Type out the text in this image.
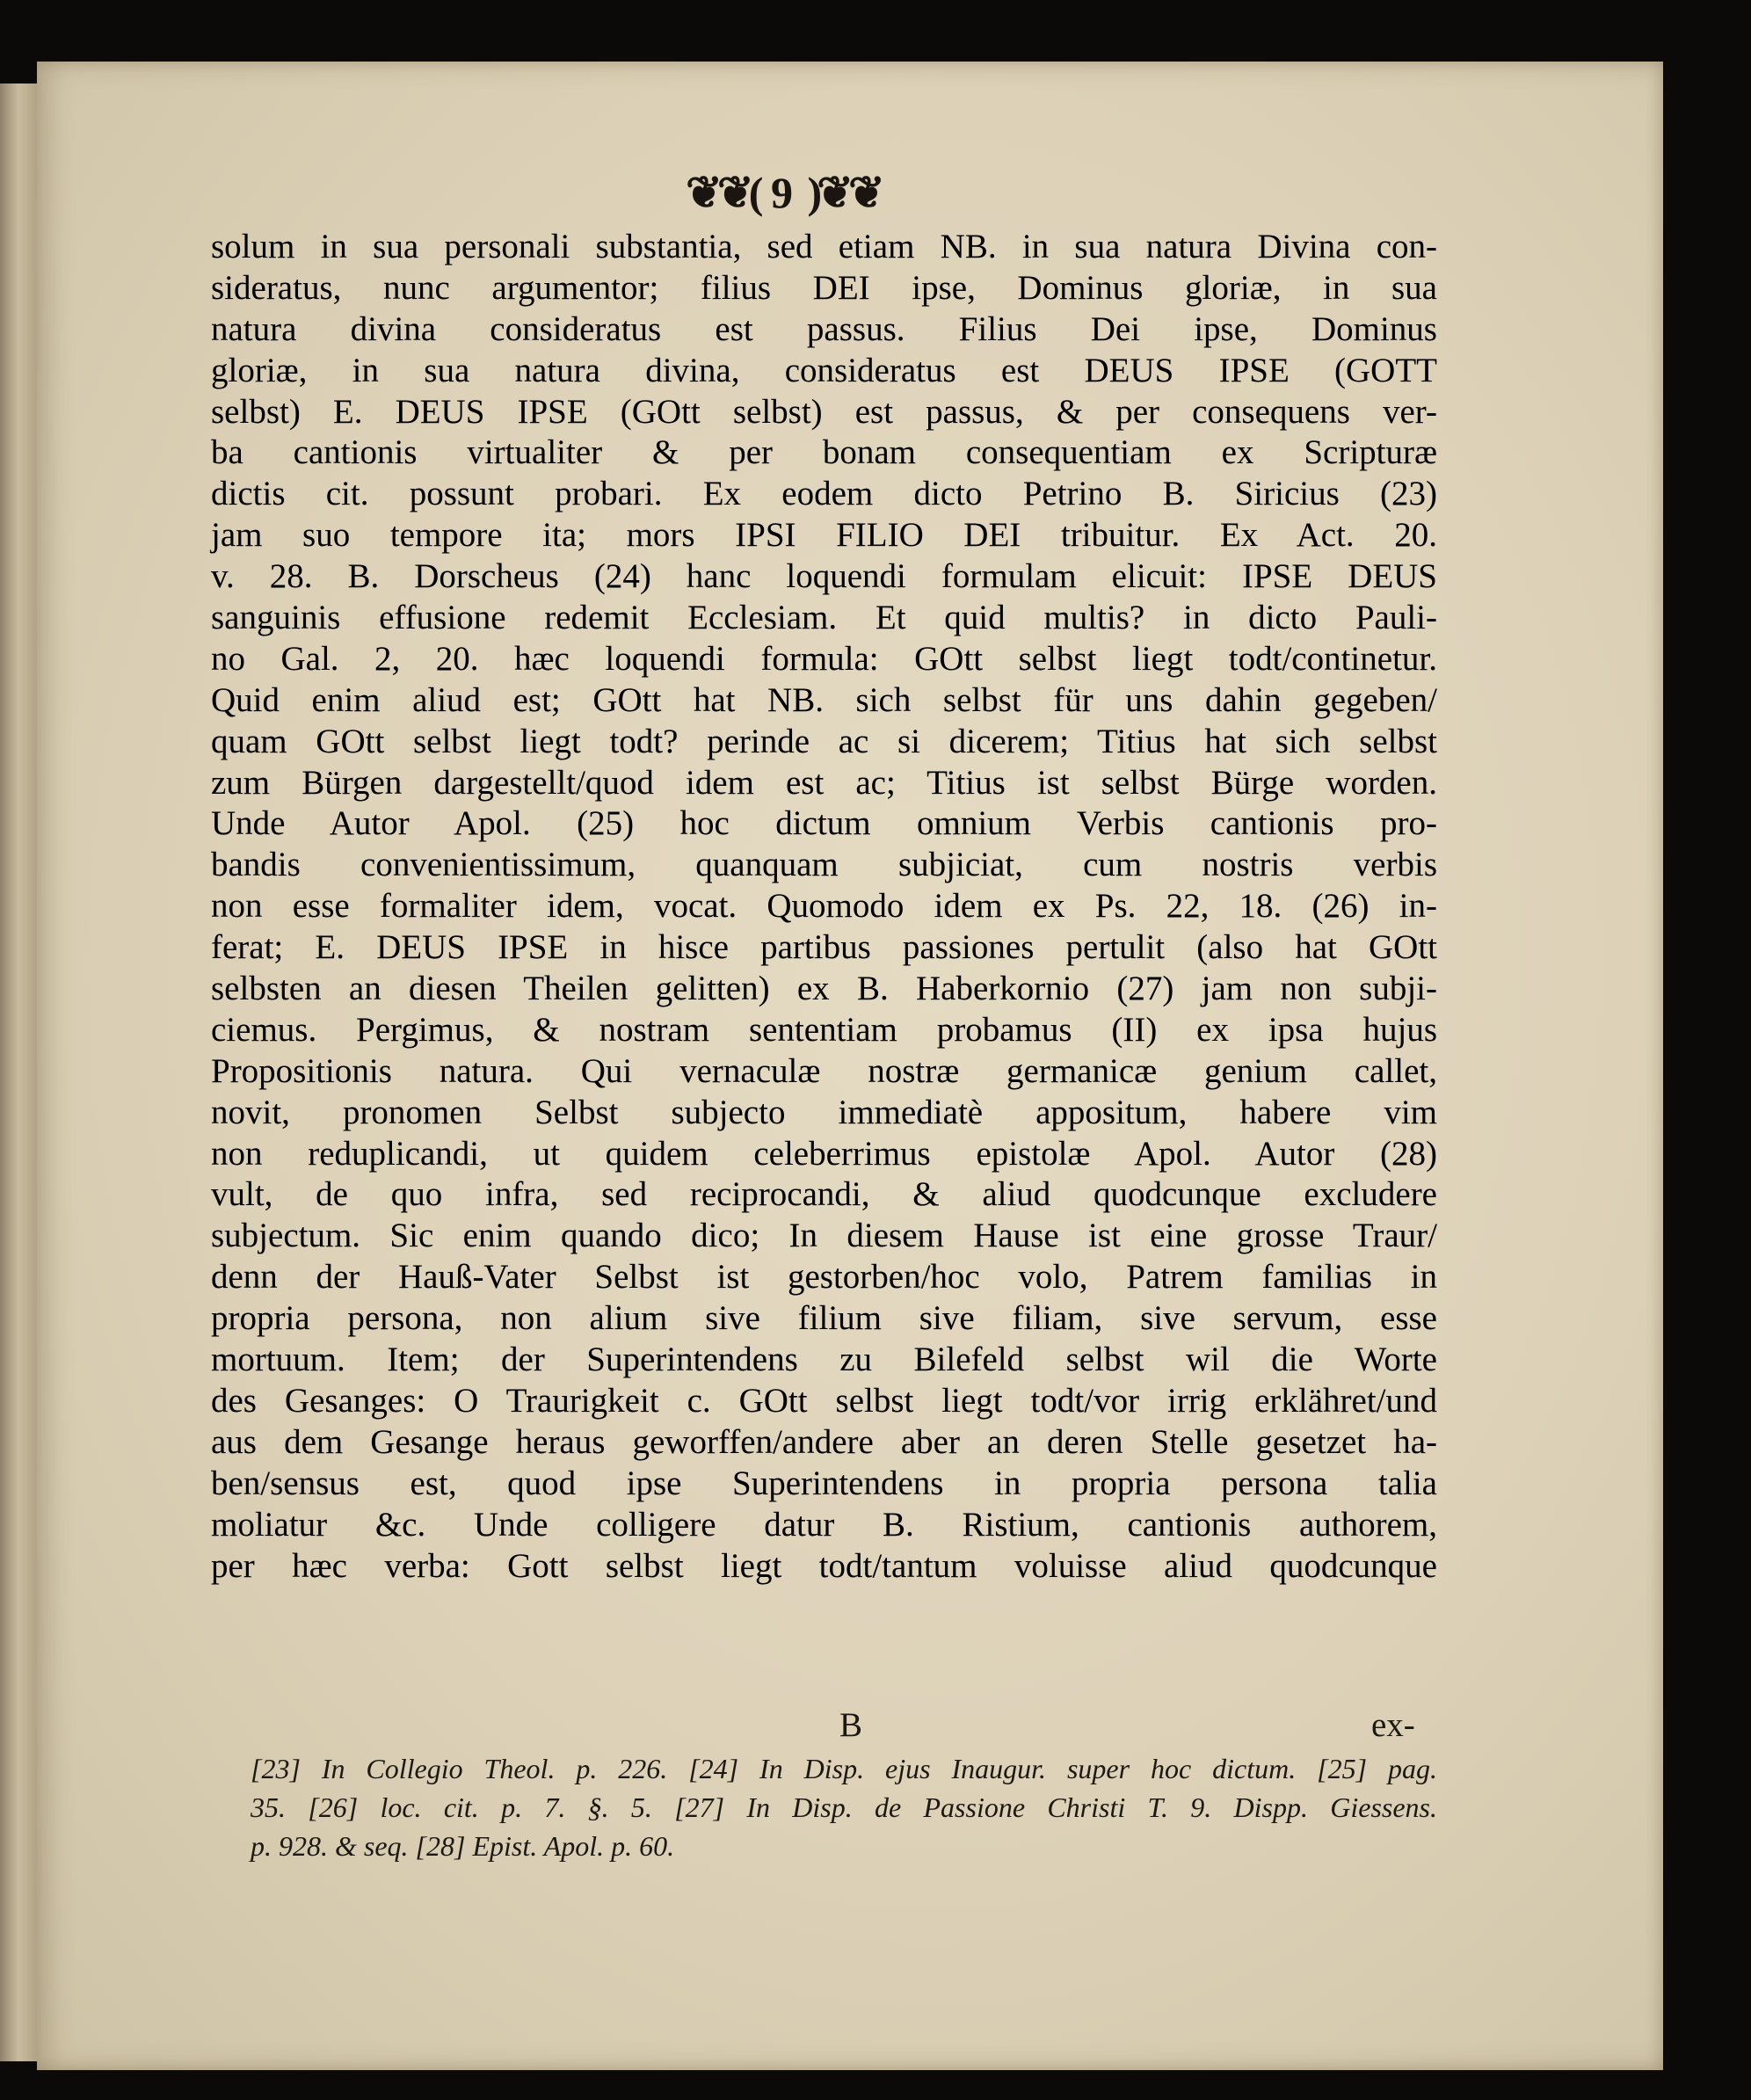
❦❦( 9 )❦❦
solum in sua personali substantia, sed etiam NB. in sua natura Divina con-
sideratus, nunc argumentor; filius DEI ipse, Dominus gloriæ, in sua
natura divina consideratus est passus. Filius Dei ipse, Dominus
gloriæ, in sua natura divina, consideratus est DEUS IPSE (GOTT
selbst) E. DEUS IPSE (GOtt selbst) est passus, & per consequens ver-
ba cantionis virtualiter & per bonam consequentiam ex Scripturæ
dictis cit. possunt probari. Ex eodem dicto Petrino B. Siricius (23)
jam suo tempore ita; mors IPSI FILIO DEI tribuitur. Ex Act. 20.
v. 28. B. Dorscheus (24) hanc loquendi formulam elicuit: IPSE DEUS
sanguinis effusione redemit Ecclesiam. Et quid multis? in dicto Pauli-
no Gal. 2, 20. hæc loquendi formula: GOtt selbst liegt todt/continetur.
Quid enim aliud est; GOtt hat NB. sich selbst für uns dahin gegeben/
quam GOtt selbst liegt todt? perinde ac si dicerem; Titius hat sich selbst
zum Bürgen dargestellt/quod idem est ac; Titius ist selbst Bürge worden.
Unde Autor Apol. (25) hoc dictum omnium Verbis cantionis pro-
bandis convenientissimum, quanquam subjiciat, cum nostris verbis
non esse formaliter idem, vocat. Quomodo idem ex Ps. 22, 18. (26) in-
ferat; E. DEUS IPSE in hisce partibus passiones pertulit (also hat GOtt
selbsten an diesen Theilen gelitten) ex B. Haberkornio (27) jam non subji-
ciemus. Pergimus, & nostram sententiam probamus (II) ex ipsa hujus
Propositionis natura. Qui vernaculæ nostræ germanicæ genium callet,
novit, pronomen Selbst subjecto immediatè appositum, habere vim
non reduplicandi, ut quidem celeberrimus epistolæ Apol. Autor (28)
vult, de quo infra, sed reciprocandi, & aliud quodcunque excludere
subjectum. Sic enim quando dico; In diesem Hause ist eine grosse Traur/
denn der Hauß-Vater Selbst ist gestorben/hoc volo, Patrem familias in
propria persona, non alium sive filium sive filiam, sive servum, esse
mortuum. Item; der Superintendens zu Bilefeld selbst wil die Worte
des Gesanges: O Traurigkeit c. GOtt selbst liegt todt/vor irrig erklähret/und
aus dem Gesange heraus geworffen/andere aber an deren Stelle gesetzet ha-
ben/sensus est, quod ipse Superintendens in propria persona talia
moliatur &c. Unde colligere datur B. Ristium, cantionis authorem,
per hæc verba: Gott selbst liegt todt/tantum voluisse aliud quodcunque
B	ex-
[23] In Collegio Theol. p. 226. [24] In Disp. ejus Inaugur. super hoc dictum. [25] pag.
35. [26] loc. cit. p. 7. §. 5. [27] In Disp. de Passione Christi T. 9. Dispp. Giessens.
p. 928. & seq. [28] Epist. Apol. p. 60.
